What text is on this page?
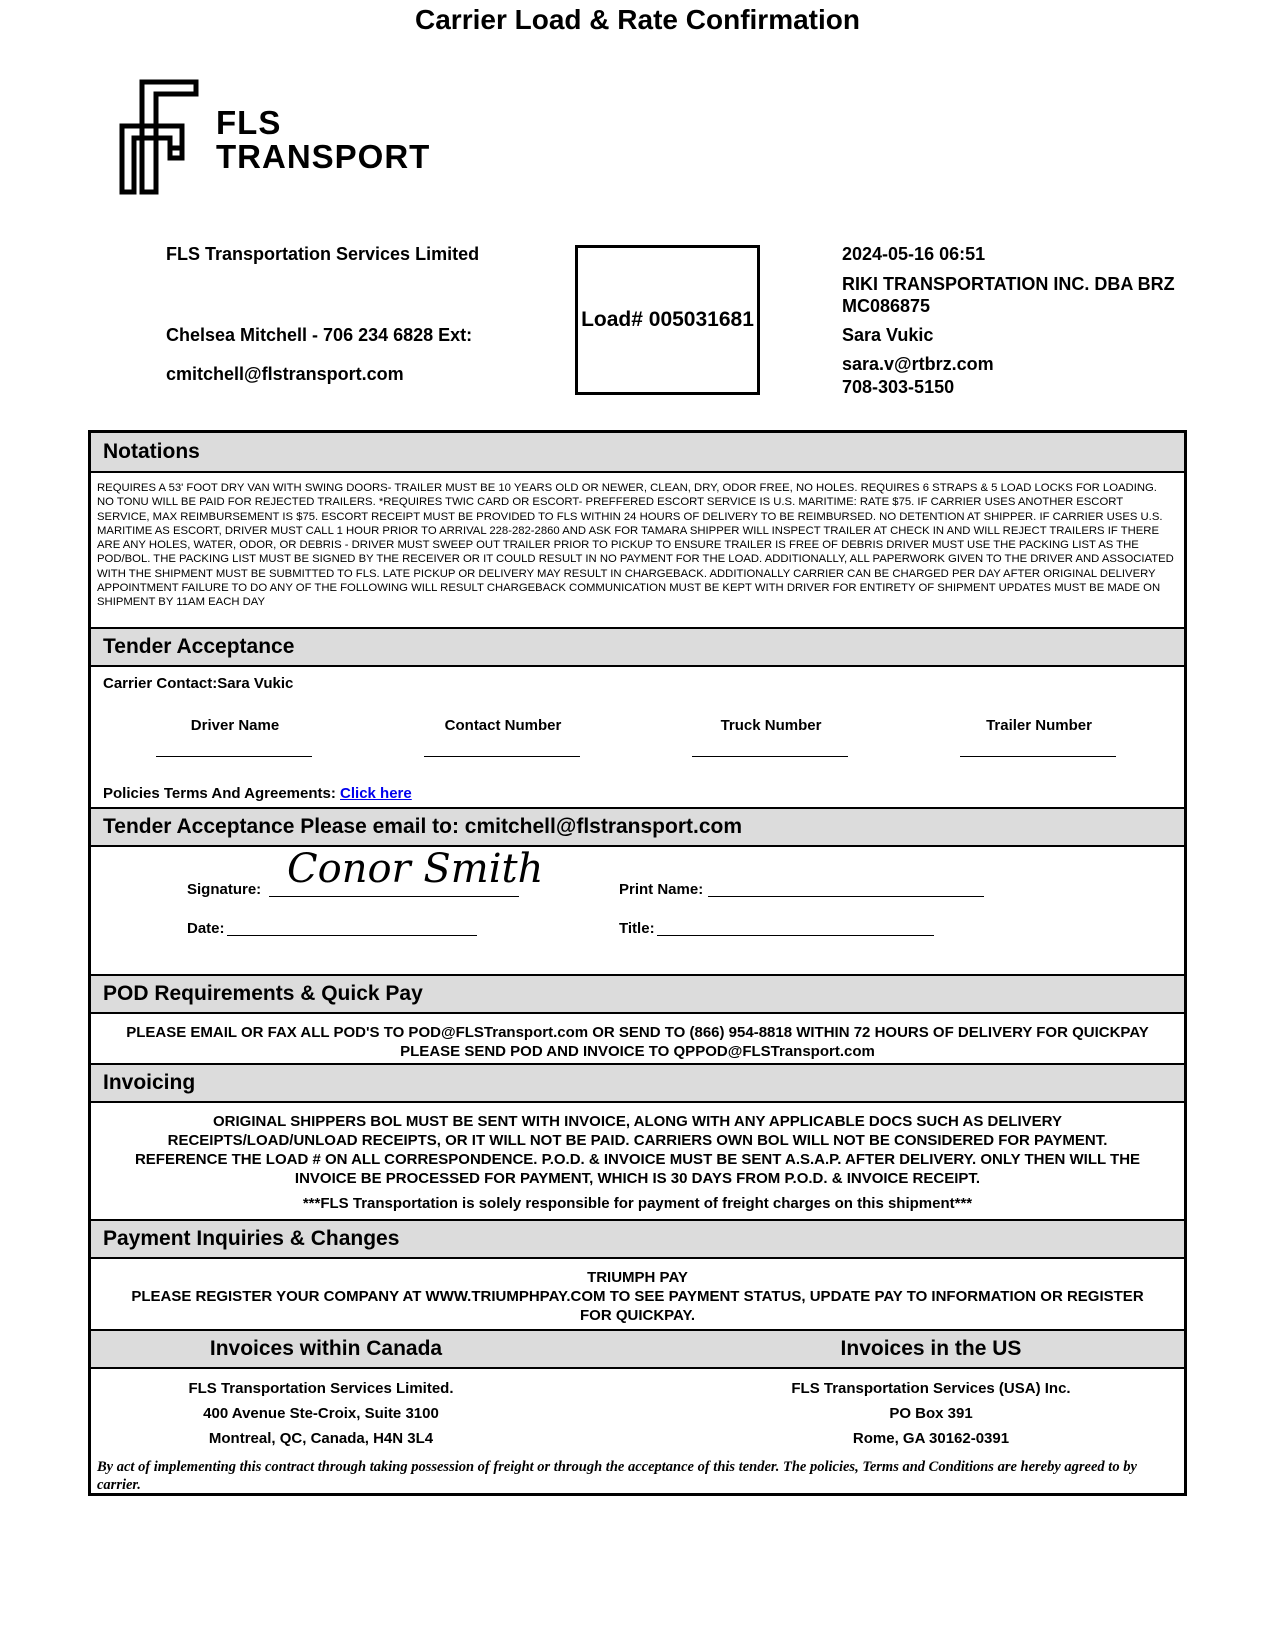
Carrier Load & Rate Confirmation
FLS
TRANSPORT
FLS Transportation Services Limited
Chelsea Mitchell - 706 234 6828 Ext:
cmitchell@flstransport.com
Load# 005031681
2024-05-16 06:51
RIKI TRANSPORTATION INC. DBA BRZ
MC086875
Sara Vukic
sara.v@rtbrz.com
708-303-5150
Notations
REQUIRES A 53' FOOT DRY VAN WITH SWING DOORS- TRAILER MUST BE 10 YEARS OLD OR NEWER, CLEAN, DRY, ODOR FREE, NO HOLES. REQUIRES 6 STRAPS & 5 LOAD LOCKS FOR LOADING. NO TONU WILL BE PAID FOR REJECTED TRAILERS. *REQUIRES TWIC CARD OR ESCORT- PREFFERED ESCORT SERVICE IS U.S. MARITIME: RATE $75. IF CARRIER USES ANOTHER ESCORT SERVICE, MAX REIMBURSEMENT IS $75. ESCORT RECEIPT MUST BE PROVIDED TO FLS WITHIN 24 HOURS OF DELIVERY TO BE REIMBURSED. NO DETENTION AT SHIPPER. IF CARRIER USES U.S. MARITIME AS ESCORT, DRIVER MUST CALL 1 HOUR PRIOR TO ARRIVAL 228-282-2860 AND ASK FOR TAMARA SHIPPER WILL INSPECT TRAILER AT CHECK IN AND WILL REJECT TRAILERS IF THERE ARE ANY HOLES, WATER, ODOR, OR DEBRIS - DRIVER MUST SWEEP OUT TRAILER PRIOR TO PICKUP TO ENSURE TRAILER IS FREE OF DEBRIS DRIVER MUST USE THE PACKING LIST AS THE POD/BOL. THE PACKING LIST MUST BE SIGNED BY THE RECEIVER OR IT COULD RESULT IN NO PAYMENT FOR THE LOAD. ADDITIONALLY, ALL PAPERWORK GIVEN TO THE DRIVER AND ASSOCIATED WITH THE SHIPMENT MUST BE SUBMITTED TO FLS. LATE PICKUP OR DELIVERY MAY RESULT IN CHARGEBACK. ADDITIONALLY CARRIER CAN BE CHARGED PER DAY AFTER ORIGINAL DELIVERY APPOINTMENT FAILURE TO DO ANY OF THE FOLLOWING WILL RESULT CHARGEBACK COMMUNICATION MUST BE KEPT WITH DRIVER FOR ENTIRETY OF SHIPMENT UPDATES MUST BE MADE ON SHIPMENT BY 11AM EACH DAY
Tender Acceptance
Carrier Contact:Sara Vukic
Driver Name	Contact Number	Truck Number	Trailer Number
Policies Terms And Agreements: Click here
Tender Acceptance Please email to: cmitchell@flstransport.com
Signature: Conor Smith	Print Name:
Date:	Title:
POD Requirements & Quick Pay
PLEASE EMAIL OR FAX ALL POD'S TO POD@FLSTransport.com OR SEND TO (866) 954-8818 WITHIN 72 HOURS OF DELIVERY FOR QUICKPAY
PLEASE SEND POD AND INVOICE TO QPPOD@FLSTransport.com
Invoicing
ORIGINAL SHIPPERS BOL MUST BE SENT WITH INVOICE, ALONG WITH ANY APPLICABLE DOCS SUCH AS DELIVERY
RECEIPTS/LOAD/UNLOAD RECEIPTS, OR IT WILL NOT BE PAID. CARRIERS OWN BOL WILL NOT BE CONSIDERED FOR PAYMENT.
REFERENCE THE LOAD # ON ALL CORRESPONDENCE. P.O.D. & INVOICE MUST BE SENT A.S.A.P. AFTER DELIVERY. ONLY THEN WILL THE
INVOICE BE PROCESSED FOR PAYMENT, WHICH IS 30 DAYS FROM P.O.D. & INVOICE RECEIPT.
***FLS Transportation is solely responsible for payment of freight charges on this shipment***
Payment Inquiries & Changes
TRIUMPH PAY
PLEASE REGISTER YOUR COMPANY AT WWW.TRIUMPHPAY.COM TO SEE PAYMENT STATUS, UPDATE PAY TO INFORMATION OR REGISTER
FOR QUICKPAY.
Invoices within Canada	Invoices in the US
FLS Transportation Services Limited.
400 Avenue Ste-Croix, Suite 3100
Montreal, QC, Canada, H4N 3L4
FLS Transportation Services (USA) Inc.
PO Box 391
Rome, GA 30162-0391
By act of implementing this contract through taking possession of freight or through the acceptance of this tender. The policies, Terms and Conditions are hereby agreed to by carrier.
